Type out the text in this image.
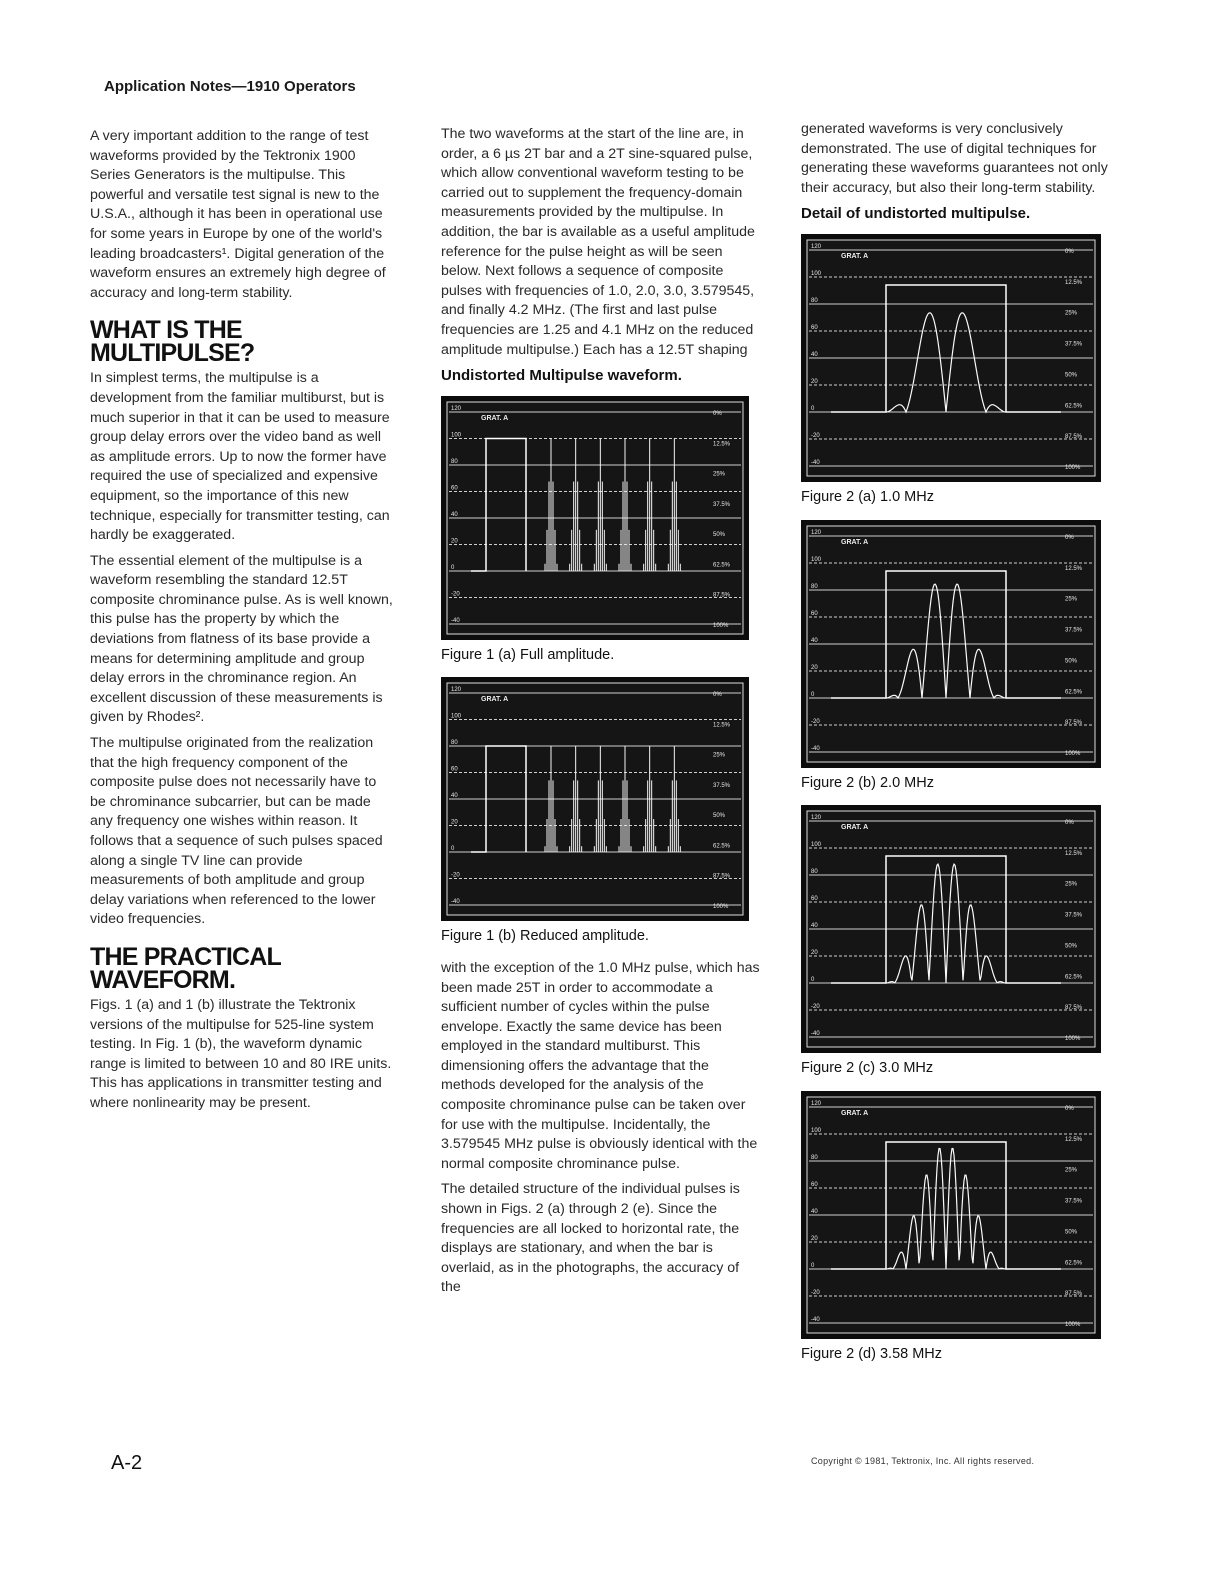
Application Notes—1910 Operators

A very important addition to the range of test waveforms provided by the Tektronix 1900 Series Generators is the multipulse. This powerful and versatile test signal is new to the U.S.A., although it has been in operational use for some years in Europe by one of the world's leading broadcasters¹. Digital generation of the waveform ensures an extremely high degree of accuracy and long-term stability.

WHAT IS THE MULTIPULSE?

In simplest terms, the multipulse is a development from the familiar multiburst, but is much superior in that it can be used to measure group delay errors over the video band as well as amplitude errors. Up to now the former have required the use of specialized and expensive equipment, so the importance of this new technique, especially for transmitter testing, can hardly be exaggerated.

The essential element of the multipulse is a waveform resembling the standard 12.5T composite chrominance pulse. As is well known, this pulse has the property by which the deviations from flatness of its base provide a means for determining amplitude and group delay errors in the chrominance region. An excellent discussion of these measurements is given by Rhodes².

The multipulse originated from the realization that the high frequency component of the composite pulse does not necessarily have to be chrominance subcarrier, but can be made any frequency one wishes within reason. It follows that a sequence of such pulses spaced along a single TV line can provide measurements of both amplitude and group delay variations when referenced to the lower video frequencies.

THE PRACTICAL WAVEFORM.

Figs. 1 (a) and 1 (b) illustrate the Tektronix versions of the multipulse for 525-line system testing. In Fig. 1 (b), the waveform dynamic range is limited to between 10 and 80 IRE units. This has applications in transmitter testing and where nonlinearity may be present.

The two waveforms at the start of the line are, in order, a 6 µs 2T bar and a 2T sine-squared pulse, which allow conventional waveform testing to be carried out to supplement the frequency-domain measurements provided by the multipulse. In addition, the bar is available as a useful amplitude reference for the pulse height as will be seen below. Next follows a sequence of composite pulses with frequencies of 1.0, 2.0, 3.0, 3.579545, and finally 4.2 MHz. (The first and last pulse frequencies are 1.25 and 4.1 MHz on the reduced amplitude multipulse.) Each has a 12.5T shaping

Undistorted Multipulse waveform.
120
100
80
60
40
20
0
-20
-40
0%
12.5%
25%
37.5%
50%
62.5%
87.5%
100%
GRAT. A
Figure 1 (a) Full amplitude.
120
100
80
60
40
20
0
-20
-40
0%
12.5%
25%
37.5%
50%
62.5%
87.5%
100%
GRAT. A
Figure 1 (b) Reduced amplitude.

with the exception of the 1.0 MHz pulse, which has been made 25T in order to accommodate a sufficient number of cycles within the pulse envelope. Exactly the same device has been employed in the standard multiburst. This dimensioning offers the advantage that the methods developed for the analysis of the composite chrominance pulse can be taken over for use with the multipulse. Incidentally, the 3.579545 MHz pulse is obviously identical with the normal composite chrominance pulse.

The detailed structure of the individual pulses is shown in Figs. 2 (a) through 2 (e). Since the frequencies are all locked to horizontal rate, the displays are stationary, and when the bar is overlaid, as in the photographs, the accuracy of the

generated waveforms is very conclusively demonstrated. The use of digital techniques for generating these waveforms guarantees not only their accuracy, but also their long-term stability.

Detail of undistorted multipulse.
120
100
80
60
40
20
0
-20
-40
0%
12.5%
25%
37.5%
50%
62.5%
87.5%
100%
GRAT. A
Figure 2 (a) 1.0 MHz
120
100
80
60
40
20
0
-20
-40
0%
12.5%
25%
37.5%
50%
62.5%
87.5%
100%
GRAT. A
Figure 2 (b) 2.0 MHz
120
100
80
60
40
20
0
-20
-40
0%
12.5%
25%
37.5%
50%
62.5%
87.5%
100%
GRAT. A
Figure 2 (c) 3.0 MHz
120
100
80
60
40
20
0
-20
-40
0%
12.5%
25%
37.5%
50%
62.5%
87.5%
100%
GRAT. A
Figure 2 (d) 3.58 MHz
A-2	Copyright © 1981, Tektronix, Inc. All rights reserved.
